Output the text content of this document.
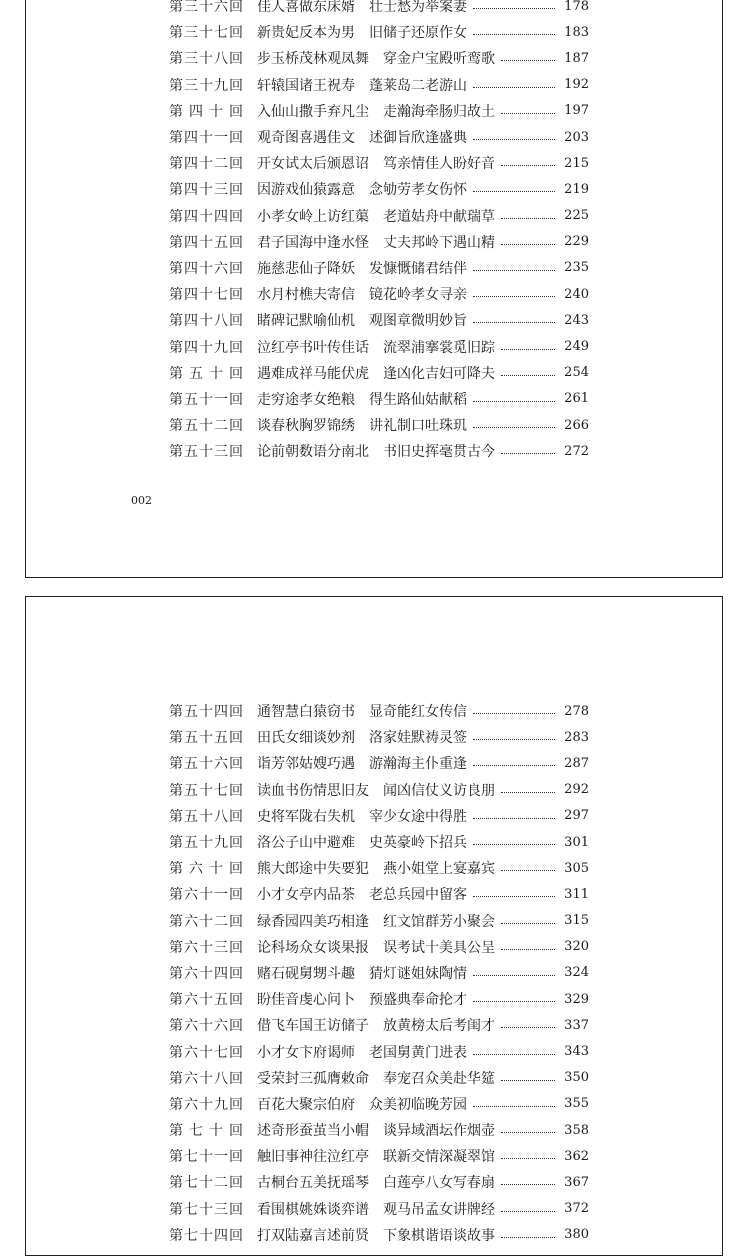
第三十六回 佳人喜做东床婿 壮士愁为举案妻	178
第三十七回 新贵妃反本为男 旧储子还原作女	183
第三十八回 步玉桥茂林观凤舞 穿金户宝殿听鸾歌	187
第三十九回 轩辕国诸王祝寿 蓬莱岛二老游山	192
第四十回 入仙山撒手弃凡尘 走瀚海牵肠归故土	197
第四十一回 观奇图喜遇佳文 述御旨欣逢盛典	203
第四十二回 开女试太后颁恩诏 笃亲情佳人盼好音	215
第四十三回 因游戏仙猿露意 念劬劳孝女伤怀	219
第四十四回 小孝女岭上访红蕖 老道姑舟中献瑞草	225
第四十五回 君子国海中逢水怪 丈夫邦岭下遇山精	229
第四十六回 施慈悲仙子降妖 发慷慨储君结伴	235
第四十七回 水月村樵夫寄信 镜花岭孝女寻亲	240
第四十八回 睹碑记默喻仙机 观图章微明妙旨	243
第四十九回 泣红亭书叶传佳话 流翠浦搴裳觅旧踪	249
第五十回 遇难成祥马能伏虎 逢凶化吉妇可降夫	254
第五十一回 走穷途孝女绝粮 得生路仙姑献稻	261
第五十二回 谈春秋胸罗锦绣 讲礼制口吐珠玑	266
第五十三回 论前朝数语分南北 书旧史挥毫贯古今	272
002
第五十四回 通智慧白猿窃书 显奇能红女传信	278
第五十五回 田氏女细谈妙剂 洛家娃默祷灵签	283
第五十六回 诣芳邻姑嫂巧遇 游瀚海主仆重逢	287
第五十七回 读血书伤情思旧友 闻凶信仗义访良朋	292
第五十八回 史将军陇右失机 宰少女途中得胜	297
第五十九回 洛公子山中避难 史英豪岭下招兵	301
第六十回 熊大郎途中失要犯 燕小姐堂上宴嘉宾	305
第六十一回 小才女亭内品茶 老总兵园中留客	311
第六十二回 绿香园四美巧相逢 红文馆群芳小聚会	315
第六十三回 论科场众女谈果报 误考试十美具公呈	320
第六十四回 赌石砚舅甥斗趣 猜灯谜姐妹陶情	324
第六十五回 盼佳音虔心问卜 预盛典奉命抡才	329
第六十六回 借飞车国王访储子 放黄榜太后考闺才	337
第六十七回 小才女卞府谒师 老国舅黄门进表	343
第六十八回 受荣封三孤膺敕命 奉宠召众美赴华筵	350
第六十九回 百花大聚宗伯府 众美初临晚芳园	355
第七十回 述奇形蚕茧当小帽 谈异域酒坛作烟壶	358
第七十一回 触旧事神往泣红亭 联新交情深凝翠馆	362
第七十二回 古桐台五美抚瑶琴 白莲亭八女写春扇	367
第七十三回 看围棋姚姝谈弈谱 观马吊孟女讲牌经	372
第七十四回 打双陆嘉言述前贤 下象棋谐语谈故事	380
